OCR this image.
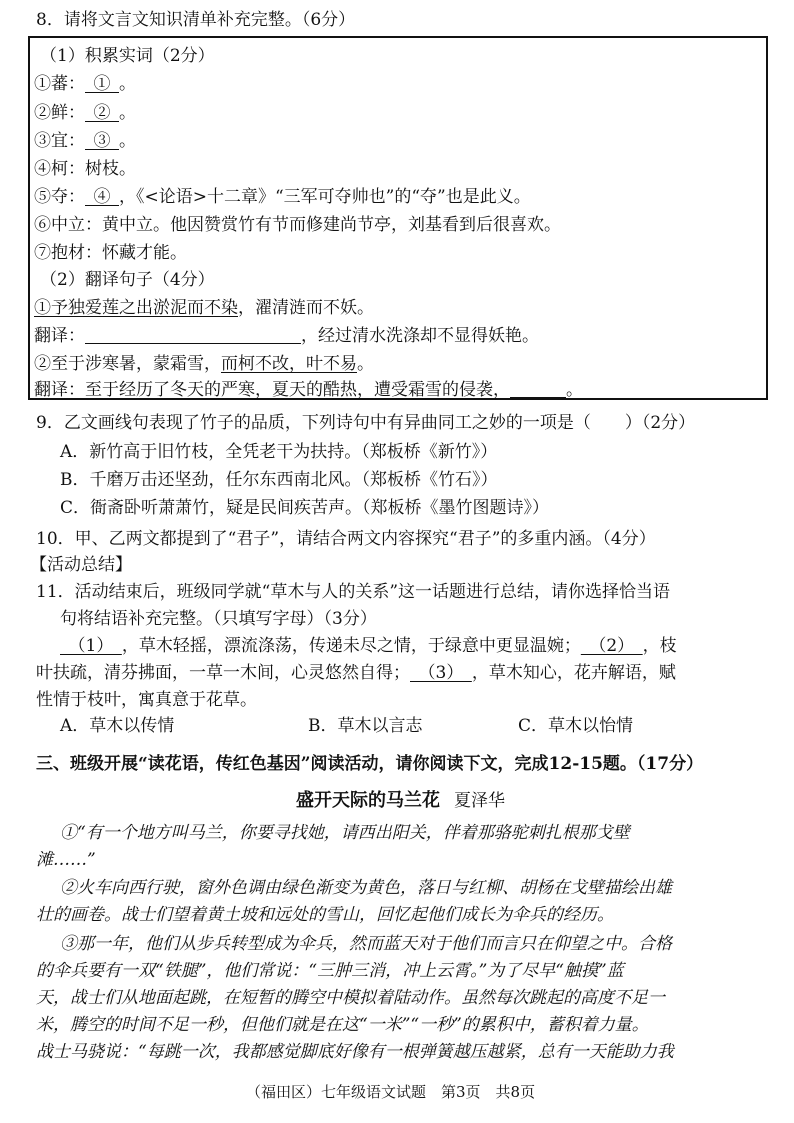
8．请将文言文知识清单补充完整。（6分）
（1）积累实词（2分）
①蕃： ① 。
②鲜： ② 。
③宜： ③ 。
④柯：树枝。
⑤夺： ④ ，《<论语>十二章》“三军可夺帅也”的“夺”也是此义。
⑥中立：黄中立。他因赞赏竹有节而修建尚节亭，刘基看到后很喜欢。
⑦抱材：怀藏才能。
（2）翻译句子（4分）
①予独爱莲之出淤泥而不染，濯清涟而不妖。
翻译：	，经过清水洗涤却不显得妖艳。
②至于涉寒暑，蒙霜雪，而柯不改，叶不易。
翻译：至于经历了冬天的严寒，夏天的酷热，遭受霜雪的侵袭，	。
9．乙文画线句表现了竹子的品质，下列诗句中有异曲同工之妙的一项是（　　）（2分）
A．新竹高于旧竹枝，全凭老干为扶持。（郑板桥《新竹》）
B．千磨万击还坚劲，任尔东西南北风。（郑板桥《竹石》）
C．衙斋卧听萧萧竹，疑是民间疾苦声。（郑板桥《墨竹图题诗》）
10．甲、乙两文都提到了“君子”，请结合两文内容探究“君子”的多重内涵。（4分）
【活动总结】
11．活动结束后，班级同学就“草木与人的关系”这一话题进行总结，请你选择恰当语
句将结语补充完整。（只填写字母）（3分）
 （1） ，草木轻摇，漂流涤荡，传递未尽之情，于绿意中更显温婉； （2） ，枝
叶扶疏，清芬拂面，一草一木间，心灵悠然自得； （3） ，草木知心，花卉解语，赋
性情于枝叶，寓真意于花草。
A．草木以传情	B．草木以言志	C．草木以怡情
三、班级开展“读花语，传红色基因”阅读活动，请你阅读下文，完成12-15题。（17分）
盛开天际的马兰花 夏泽华
①“有一个地方叫马兰，你要寻找她，请西出阳关，伴着那骆驼刺扎根那戈壁
滩……”
②火车向西行驶，窗外色调由绿色渐变为黄色，落日与红柳、胡杨在戈壁描绘出雄
壮的画卷。战士们望着黄土坡和远处的雪山，回忆起他们成长为伞兵的经历。
③那一年，他们从步兵转型成为伞兵，然而蓝天对于他们而言只在仰望之中。合格
的伞兵要有一双“铁腿”，他们常说：“三肿三消，冲上云霄。”为了尽早“触摸”蓝
天，战士们从地面起跳，在短暂的腾空中模拟着陆动作。虽然每次跳起的高度不足一
米，腾空的时间不足一秒，但他们就是在这“一米”“一秒”的累积中，蓄积着力量。
战士马骁说：“每跳一次，我都感觉脚底好像有一根弹簧越压越紧，总有一天能助力我
（福田区）七年级语文试题　第3页　共8页
